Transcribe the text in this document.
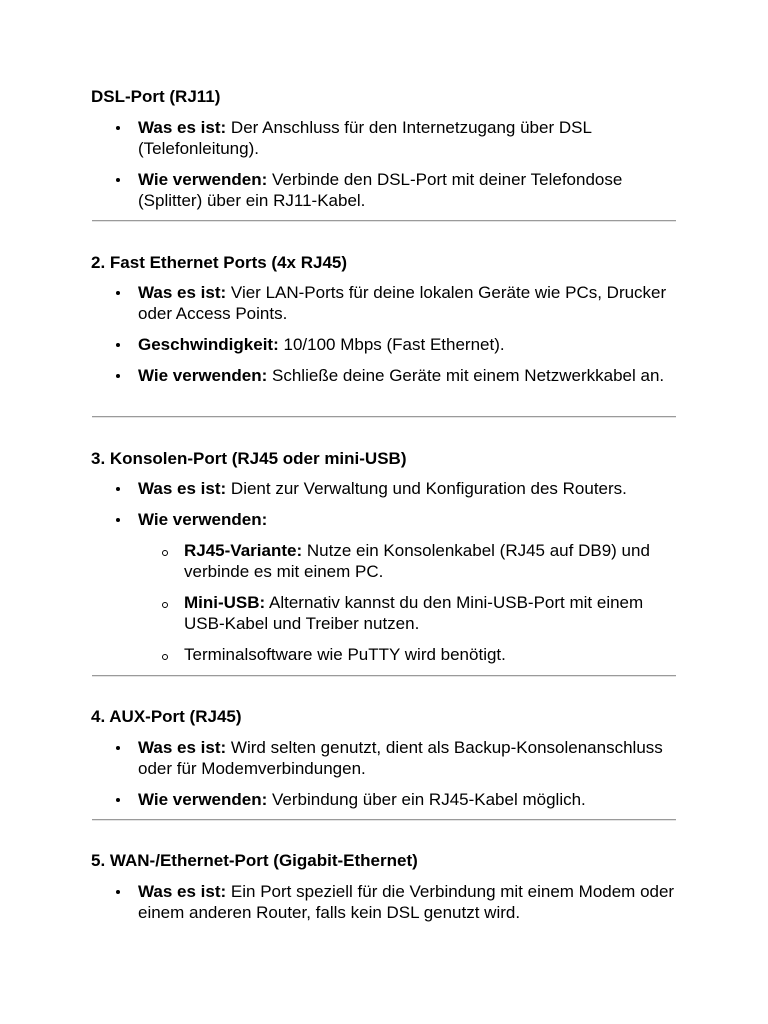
DSL-Port (RJ11)
Was es ist: Der Anschluss für den Internetzugang über DSL (Telefonleitung).
Wie verwenden: Verbinde den DSL-Port mit deiner Telefondose (Splitter) über ein RJ11-Kabel.
2. Fast Ethernet Ports (4x RJ45)
Was es ist: Vier LAN-Ports für deine lokalen Geräte wie PCs, Drucker oder Access Points.
Geschwindigkeit: 10/100 Mbps (Fast Ethernet).
Wie verwenden: Schließe deine Geräte mit einem Netzwerkkabel an.
3. Konsolen-Port (RJ45 oder mini-USB)
Was es ist: Dient zur Verwaltung und Konfiguration des Routers.
Wie verwenden:
RJ45-Variante: Nutze ein Konsolenkabel (RJ45 auf DB9) und verbinde es mit einem PC.
Mini-USB: Alternativ kannst du den Mini-USB-Port mit einem USB-Kabel und Treiber nutzen.
Terminalsoftware wie PuTTY wird benötigt.
4. AUX-Port (RJ45)
Was es ist: Wird selten genutzt, dient als Backup-Konsolenanschluss oder für Modemverbindungen.
Wie verwenden: Verbindung über ein RJ45-Kabel möglich.
5. WAN-/Ethernet-Port (Gigabit-Ethernet)
Was es ist: Ein Port speziell für die Verbindung mit einem Modem oder einem anderen Router, falls kein DSL genutzt wird.
